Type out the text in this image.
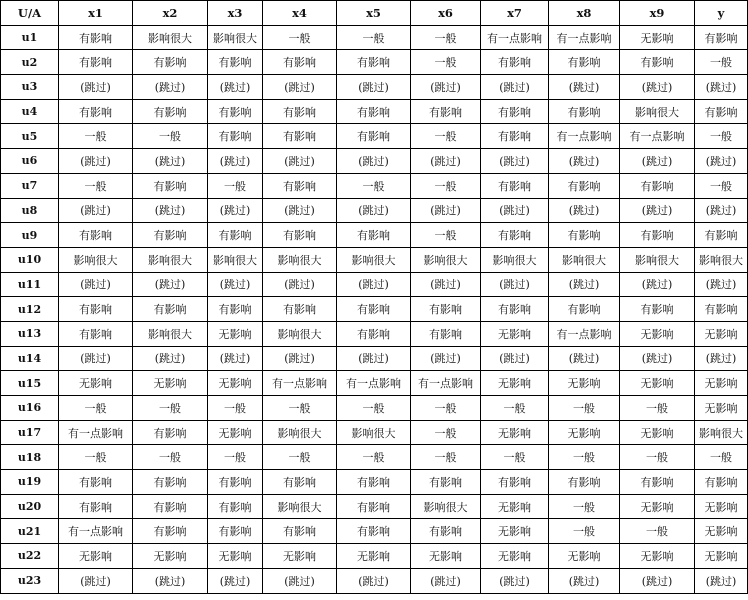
U/A	x1	x2	x3	x4	x5	x6	x7	x8	x9	y
u1	有影响	影响很大	影响很大	一般	一般	一般	有一点影响	有一点影响	无影响	有影响
u2	有影响	有影响	有影响	有影响	有影响	一般	有影响	有影响	有影响	一般
u3	(跳过)	(跳过)	(跳过)	(跳过)	(跳过)	(跳过)	(跳过)	(跳过)	(跳过)	(跳过)
u4	有影响	有影响	有影响	有影响	有影响	有影响	有影响	有影响	影响很大	有影响
u5	一般	一般	有影响	有影响	有影响	一般	有影响	有一点影响	有一点影响	一般
u6	(跳过)	(跳过)	(跳过)	(跳过)	(跳过)	(跳过)	(跳过)	(跳过)	(跳过)	(跳过)
u7	一般	有影响	一般	有影响	一般	一般	有影响	有影响	有影响	一般
u8	(跳过)	(跳过)	(跳过)	(跳过)	(跳过)	(跳过)	(跳过)	(跳过)	(跳过)	(跳过)
u9	有影响	有影响	有影响	有影响	有影响	一般	有影响	有影响	有影响	有影响
u10	影响很大	影响很大	影响很大	影响很大	影响很大	影响很大	影响很大	影响很大	影响很大	影响很大
u11	(跳过)	(跳过)	(跳过)	(跳过)	(跳过)	(跳过)	(跳过)	(跳过)	(跳过)	(跳过)
u12	有影响	有影响	有影响	有影响	有影响	有影响	有影响	有影响	有影响	有影响
u13	有影响	影响很大	无影响	影响很大	有影响	有影响	无影响	有一点影响	无影响	无影响
u14	(跳过)	(跳过)	(跳过)	(跳过)	(跳过)	(跳过)	(跳过)	(跳过)	(跳过)	(跳过)
u15	无影响	无影响	无影响	有一点影响	有一点影响	有一点影响	无影响	无影响	无影响	无影响
u16	一般	一般	一般	一般	一般	一般	一般	一般	一般	无影响
u17	有一点影响	有影响	无影响	影响很大	影响很大	一般	无影响	无影响	无影响	影响很大
u18	一般	一般	一般	一般	一般	一般	一般	一般	一般	一般
u19	有影响	有影响	有影响	有影响	有影响	有影响	有影响	有影响	有影响	有影响
u20	有影响	有影响	有影响	影响很大	有影响	影响很大	无影响	一般	无影响	无影响
u21	有一点影响	有影响	有影响	有影响	有影响	有影响	无影响	一般	一般	无影响
u22	无影响	无影响	无影响	无影响	无影响	无影响	无影响	无影响	无影响	无影响
u23	(跳过)	(跳过)	(跳过)	(跳过)	(跳过)	(跳过)	(跳过)	(跳过)	(跳过)	(跳过)
